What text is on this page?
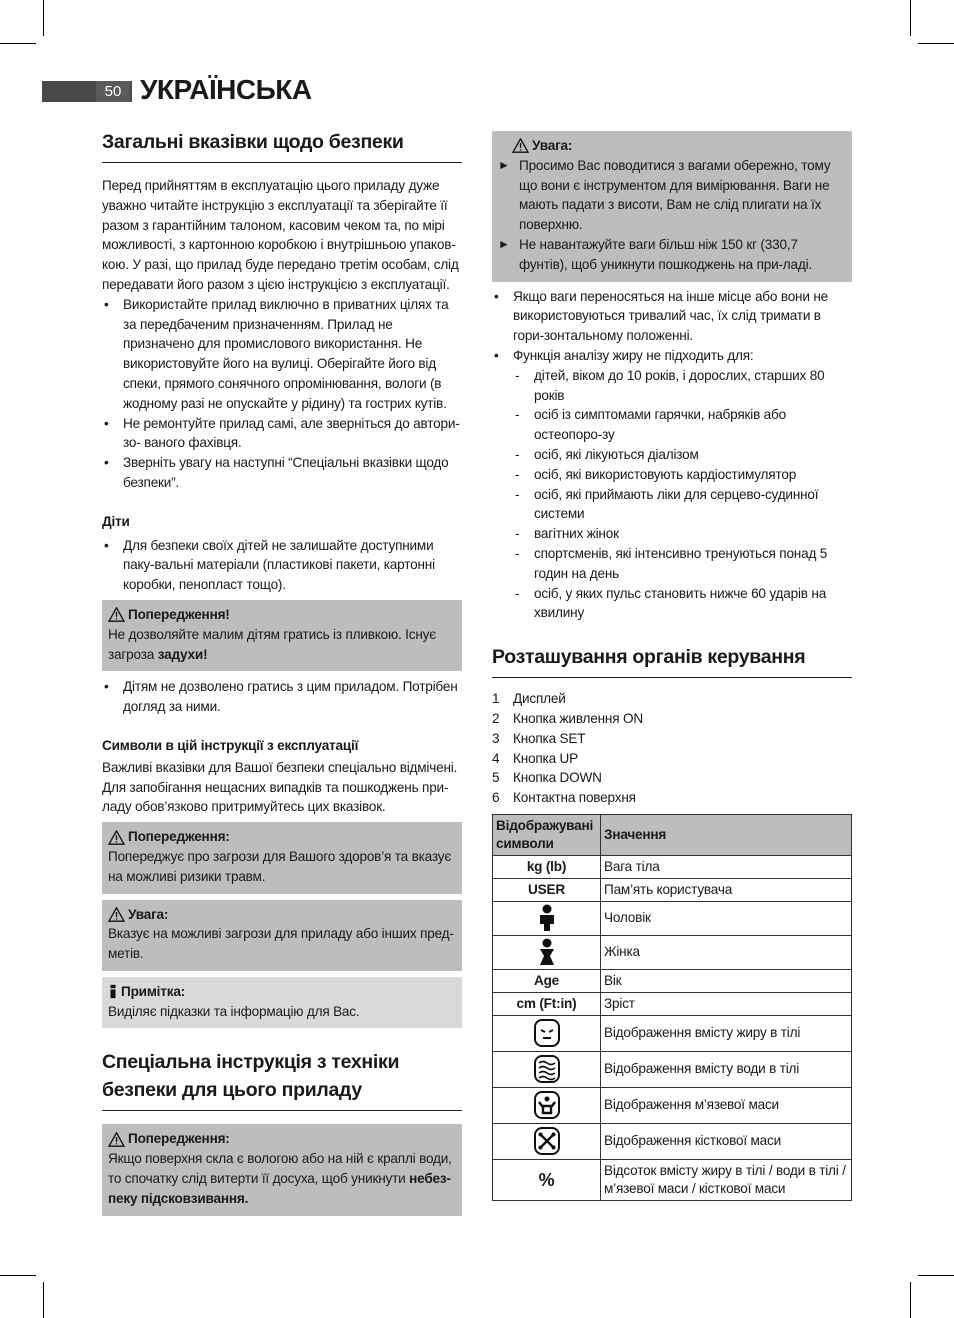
50 УКРАЇНСЬКА
Загальні вказівки щодо безпеки

Перед прийняттям в експлуатацію цього приладу дуже уважно читайте інструкцію з експлуатації та зберігайте її разом з гарантійним талоном, касовим чеком та, по мірі можливості, з картонною коробкою і внутрішньою упаков-кою. У разі, що прилад буде передано третім особам, слід передавати його разом з цією інструкцією з експлуатації.

• Використайте прилад виключно в приватних цілях та за передбаченим призначенням. Прилад не призначено для промислового використання. Не використовуйте його на вулиці. Оберігайте його від спеки, прямого сонячного опромінювання, вологи (в жодному разі не опускайте у рідину) та гострих кутів.
• Не ремонтуйте прилад самі, але зверніться до автори-зо- ваного фахівця.
• Зверніть увагу на наступні “Спеціальні вказівки щодо безпеки”.
Діти
• Для безпеки своїх дітей не залишайте доступними паку-вальні матеріали (пластикові пакети, картонні коробки, пенопласт тощо).
Попередження!
Не дозволяйте малим дітям гратись із пливкою. Існує загроза задухи!
• Дітям не дозволено гратись з цим приладом. Потрібен догляд за ними.
Символи в цій інструкції з експлуатації

Важливі вказівки для Вашої безпеки спеціально відмічені. Для запобігання нещасних випадків та пошкоджень при-ладу обов’язково притримуйтесь цих вказівок.

Попередження:
Попереджує про загрози для Вашого здоров’я та вказує на можливі ризики травм.
Увага:
Вказує на можливі загрози для приладу або інших пред-метів.
Примітка:
Виділяє підказки та інформацію для Вас.
Спеціальна інструкція з техніки безпеки для цього приладу
Попередження:
Якщо поверхня скла є вологою або на ній є краплі води, то спочатку слід витерти її досуха, щоб уникнути небез-пеку підсковзивання.
Увага:
► Просимо Вас поводитися з вагами обережно, тому що вони є інструментом для вимірювання. Ваги не мають падати з висоти, Вам не слід плигати на їх поверхню.
► Не навантажуйте ваги більш ніж 150 кг (330,7 фунтів), щоб уникнути пошкоджень на при-ладі.
• Якщо ваги переносяться на інше місце або вони не використовуються тривалий час, їх слід тримати в гори-зонтальному положенні.
• Функція аналізу жиру не підходить для:
- дітей, віком до 10 років, і дорослих, старших 80 років
- осіб із симптомами гарячки, набряків або остеопоро-зу
- осіб, які лікуються діалізом
- осіб, які використовують кардіостимулятор
- осіб, які приймають ліки для серцево-судинної системи
- вагітних жінок
- спортсменів, які інтенсивно тренуються понад 5 годин на день
- осіб, у яких пульс становить нижче 60 ударів на хвилину
Розташування органів керування
1 Дисплей
2 Кнопка живлення ON
3 Кнопка SET
4 Кнопка UP
5 Кнопка DOWN
6 Контактна поверхня
Відображувані символи	Значення
kg (lb)	Вага тіла
USER	Пам’ять користувача
	Чоловік
	Жінка
Age	Вік
cm (Ft:in)	Зріст
	Відображення вмісту жиру в тілі
	Відображення вмісту води в тілі
	Відображення м’язевої маси
	Відображення кісткової маси
%	Відсоток вмісту жиру в тілі / води в тілі / м’язевої маси / кісткової маси
